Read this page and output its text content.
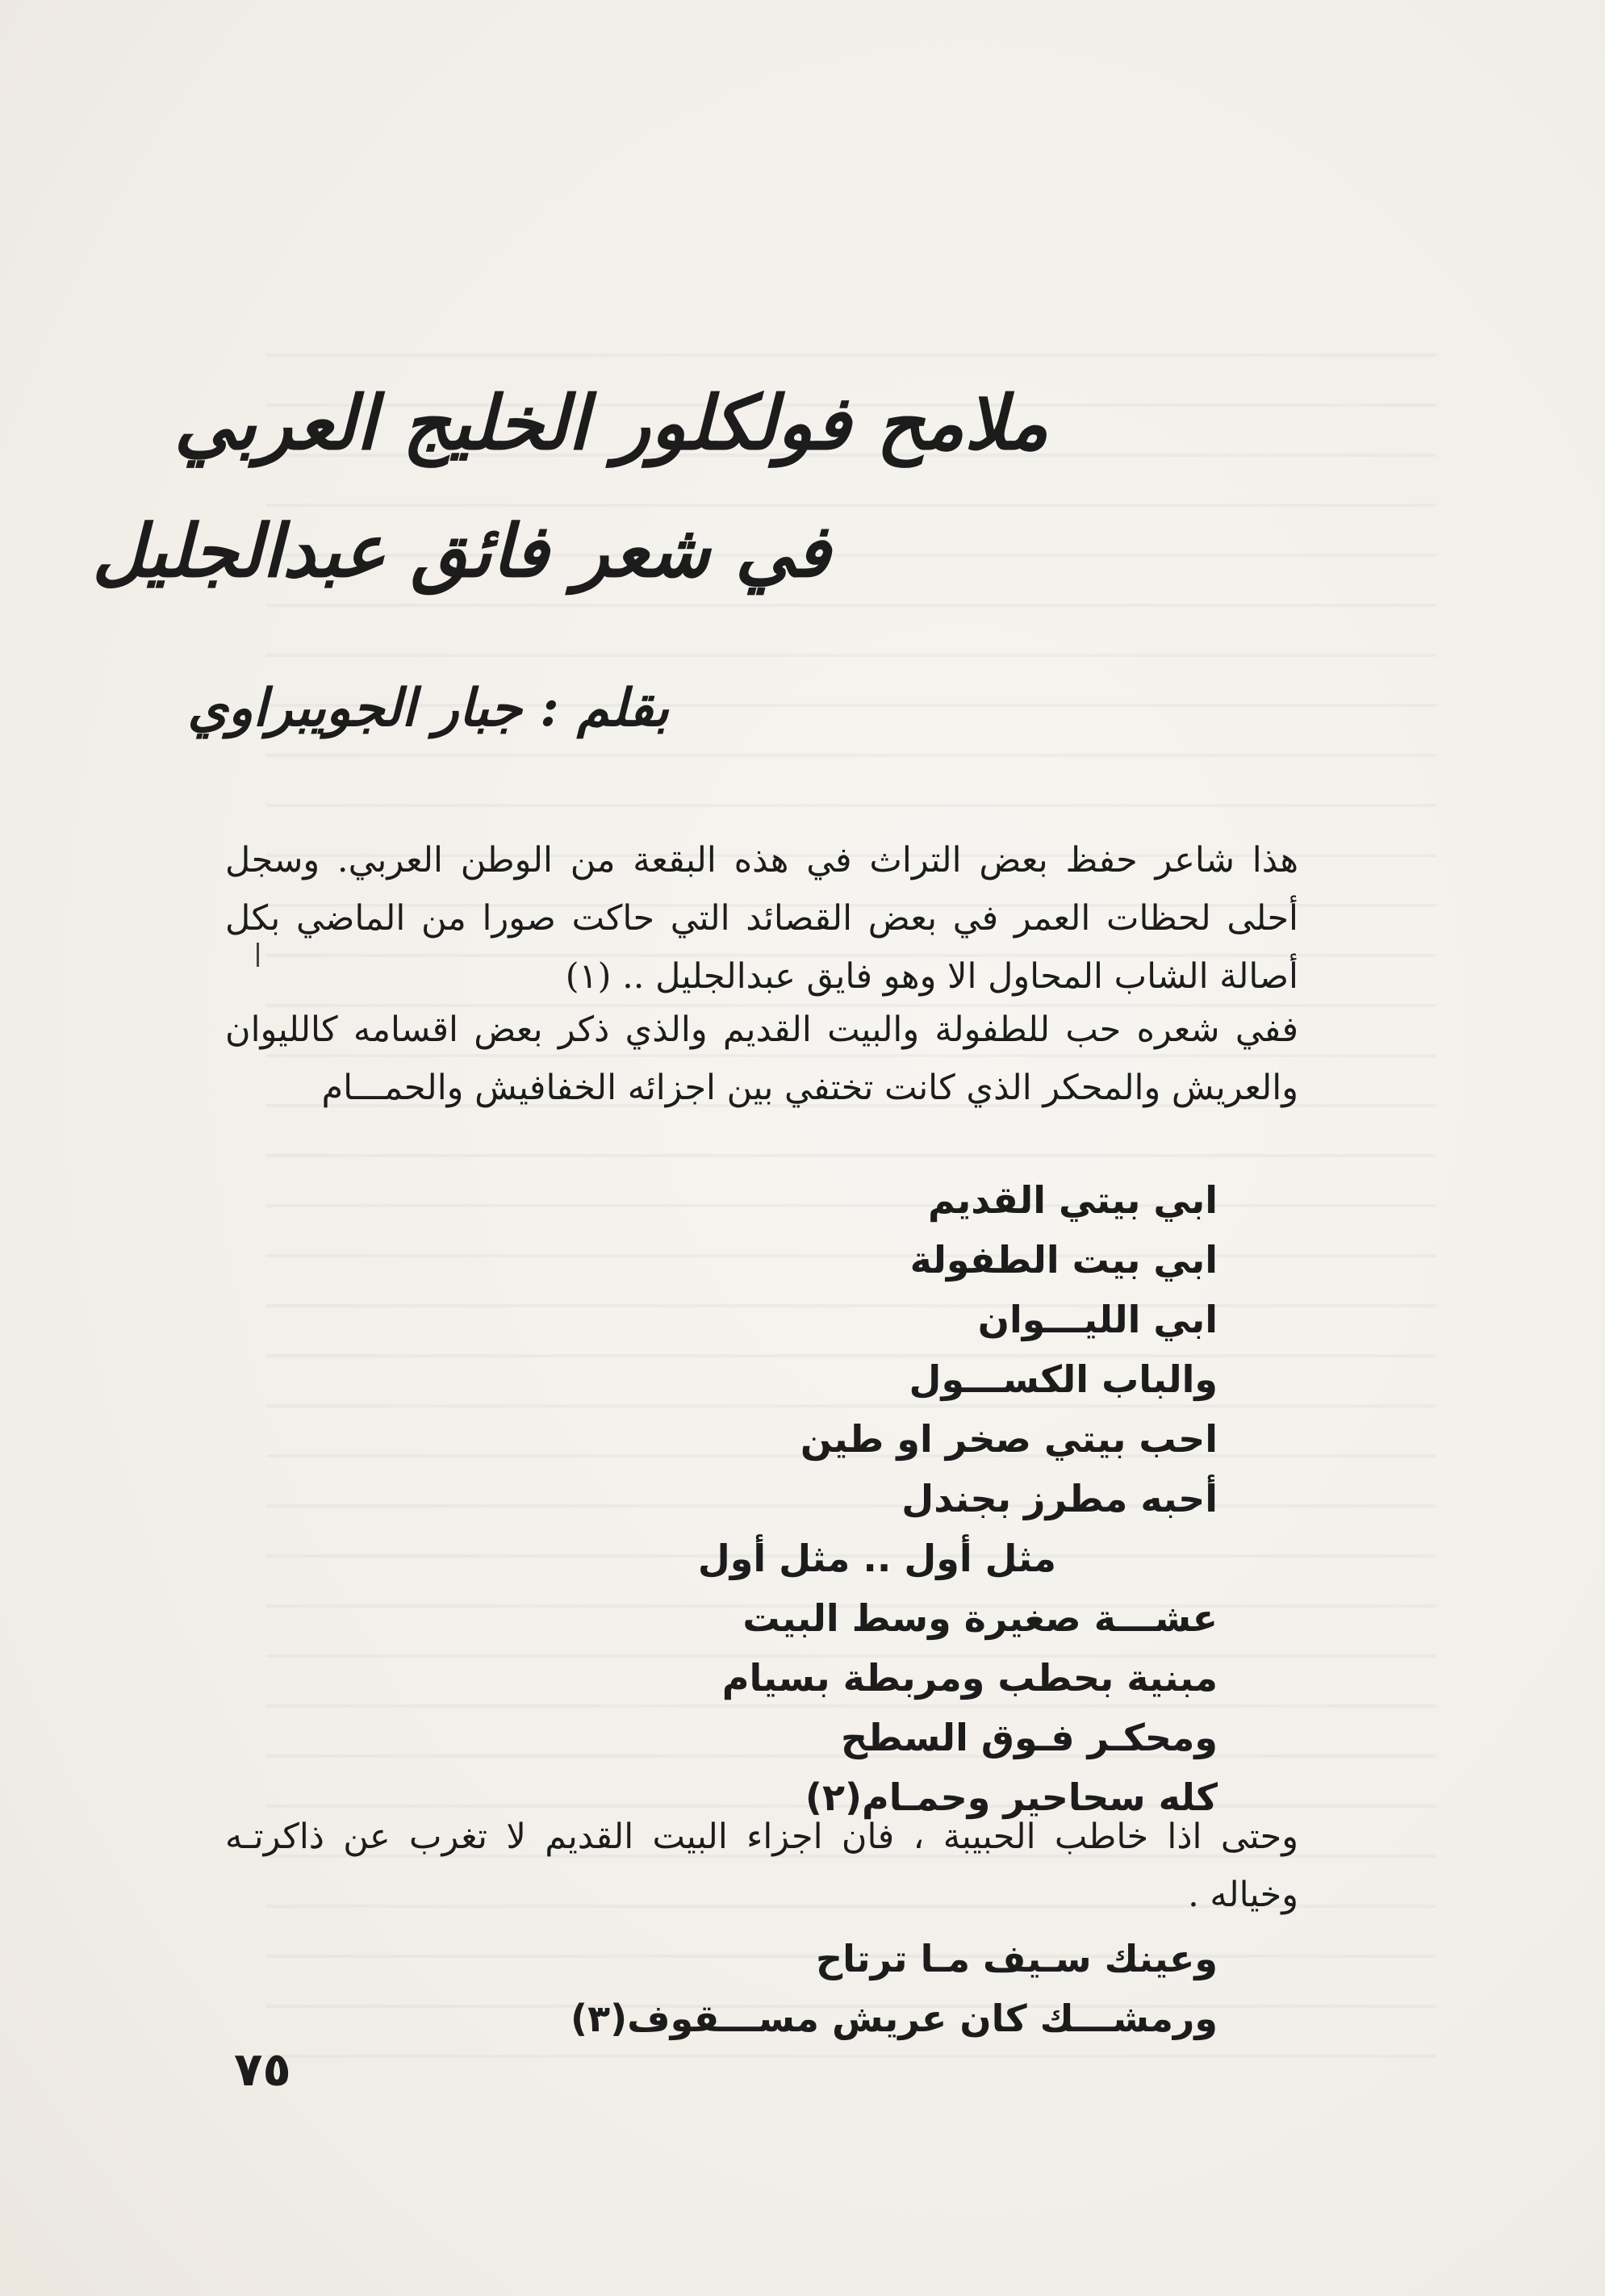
ملامح فولكلور الخليج العربي
في شعر فائق عبدالجليل
بقلم : جبار الجويبراوي
هذا شاعر حفظ بعض التراث في هذه البقعة من الوطن العربي. وسجل أحلى لحظات العمر في بعض القصائد التي حاكت صورا من الماضي بكل أصالة الشاب المحاول الا وهو فايق عبدالجليل .. (١)
ففي شعره حب للطفولة والبيت القديم والذي ذكر بعض اقسامه كالليوان والعريش والمحكر الذي كانت تختفي بين اجزائه الخفافيش والحمـــام
ابي بيتي القديم
ابي بيت الطفولة
ابي الليـــوان
والباب الكســـول
احب بيتي صخر او طين
أحبه مطرز بجندل
مثل أول .. مثل أول
عشـــة صغيرة وسط البيت
مبنية بحطب ومربطة بسيام
ومحكـر فـوق السطح
كله سحاحير وحمـام(٢)
وحتى اذا خاطب الحبيبة ، فان اجزاء البيت القديم لا تغرب عن ذاكرتـه وخياله .
وعينك سـيف مـا ترتاح
ورمشـــك كان عريش مســـقوف(٣)
٧٥
